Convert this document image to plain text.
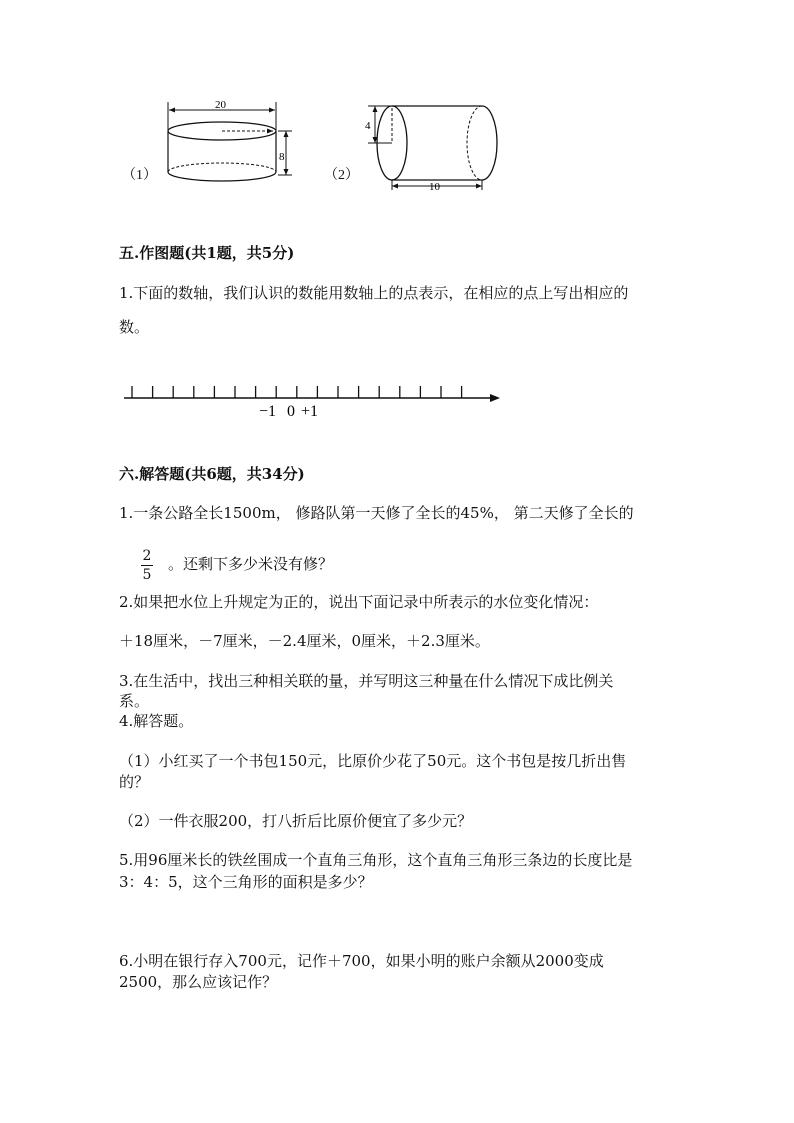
（1）
20
8
（2）
4
10
五.作图题(共1题，共5分)
1.下面的数轴，我们认识的数能用数轴上的点表示，在相应的点上写出相应的
数。
−1 0 +1
六.解答题(共6题，共34分)
1.一条公路全长1500m， 修路队第一天修了全长的45%， 第二天修了全长的
2
5
。还剩下多少米没有修？
2.如果把水位上升规定为正的，说出下面记录中所表示的水位变化情况：
＋18厘米，－7厘米，－2.4厘米，0厘米，＋2.3厘米。
3.在生活中，找出三种相关联的量，并写明这三种量在什么情况下成比例关
系。
4.解答题。
（1）小红买了一个书包150元，比原价少花了50元。这个书包是按几折出售
的？
（2）一件衣服200，打八折后比原价便宜了多少元？
5.用96厘米长的铁丝围成一个直角三角形，这个直角三角形三条边的长度比是
3：4：5，这个三角形的面积是多少？
6.小明在银行存入700元，记作＋700，如果小明的账户余额从2000变成
2500，那么应该记作？
